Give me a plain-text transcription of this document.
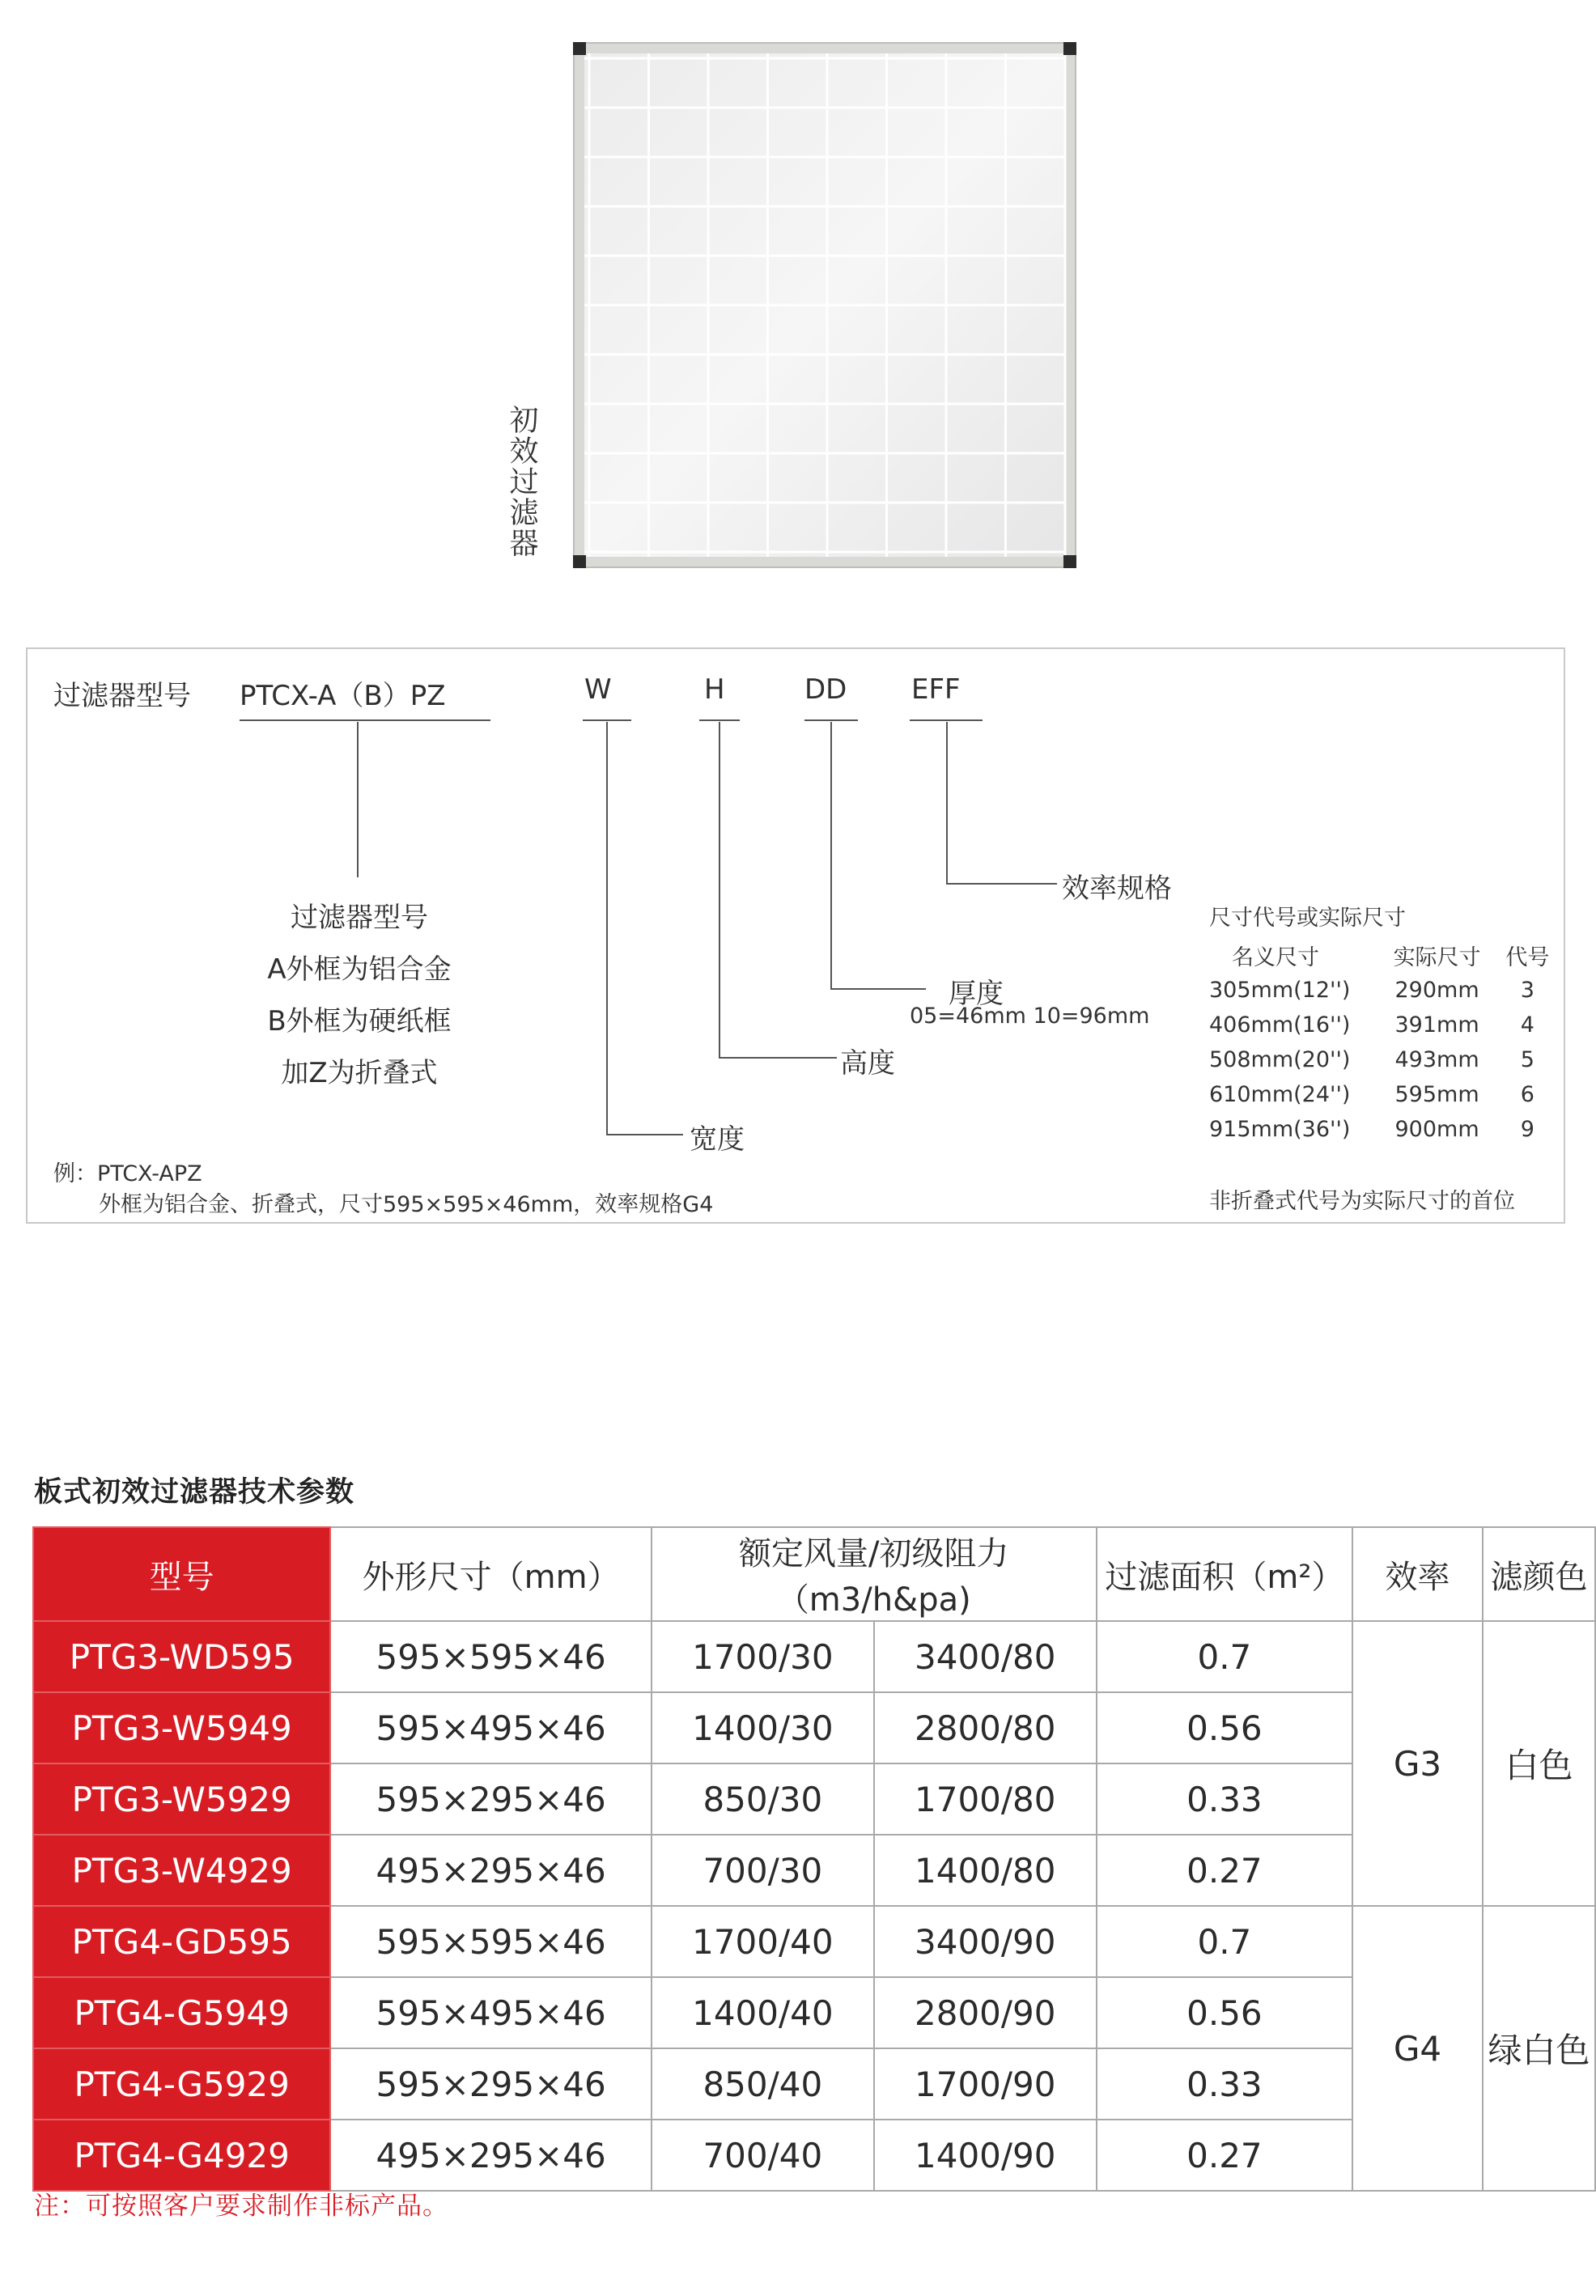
初效过滤器
过滤器型号 PTCX-A（B）PZ	W	H	DD EFF
过滤器型号
A外框为铝合金
B外框为硬纸框
加Z为折叠式
宽度
高度
厚度
05=46mm 10=96mm
效率规格
尺寸代号或实际尺寸
名义尺寸	实际尺寸	代号
305mm(12'')	290mm	3
406mm(16'')	391mm	4
508mm(20'')	493mm	5
610mm(24'')	595mm	6
915mm(36'')	900mm	9
非折叠式代号为实际尺寸的首位
例：PTCX-APZ
外框为铝合金、折叠式，尺寸595×595×46mm，效率规格G4
板式初效过滤器技术参数
型号	外形尺寸（mm）	额定风量/初级阻力（m3/h&pa)		过滤面积（m²）	效率	滤颜色
PTG3-WD595	595×595×46	1700/30	3400/80	0.7	G3	白色
PTG3-W5949	595×495×46	1400/30	2800/80	0.56		
PTG3-W5929	595×295×46	850/30	1700/80	0.33		
PTG3-W4929	495×295×46	700/30	1400/80	0.27		
PTG4-GD595	595×595×46	1700/40	3400/90	0.7	G4	绿白色
PTG4-G5949	595×495×46	1400/40	2800/90	0.56		
PTG4-G5929	595×295×46	850/40	1700/90	0.33		
PTG4-G4929	495×295×46	700/40	1400/90	0.27		
注：可按照客户要求制作非标产品。
